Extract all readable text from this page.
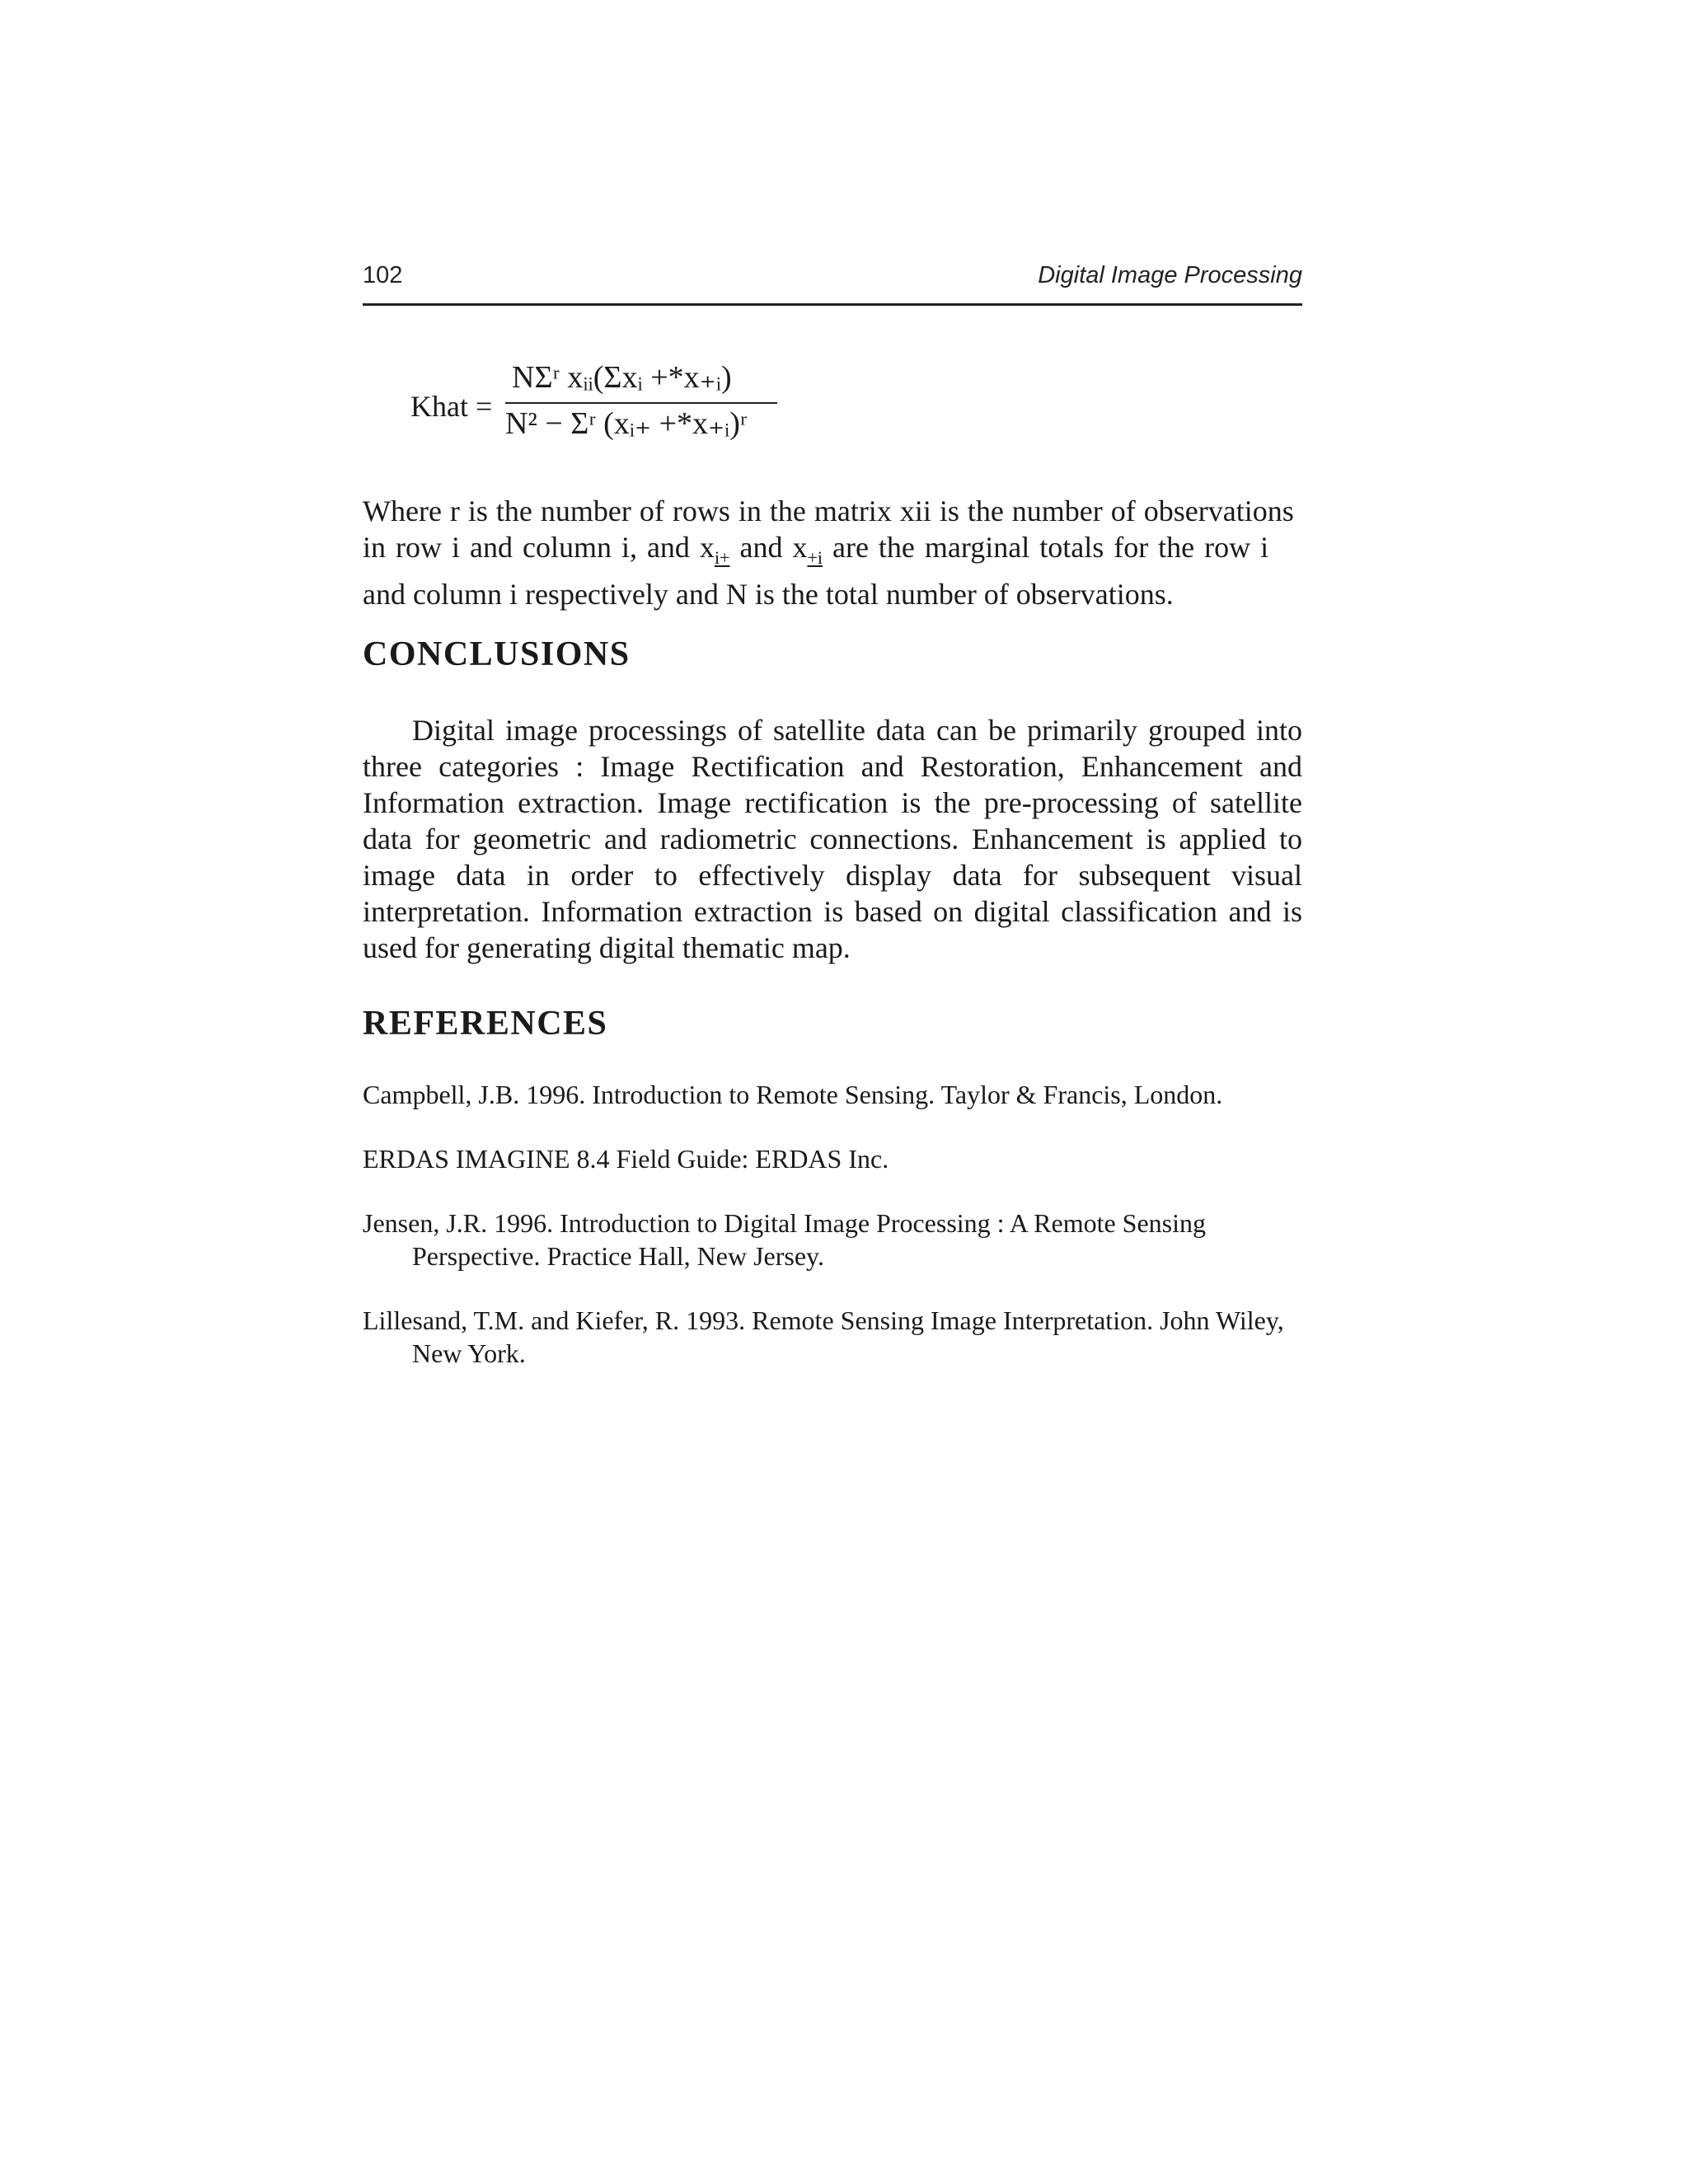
102	Digital Image Processing
Khat =
NΣʳ xᵢᵢ(Σxᵢ +*x₊ᵢ)
N² − Σʳ (xᵢ₊ +*x₊ᵢ)ʳ

Where r is the number of rows in the matrix xii is the number of observations

in row i and column i, and $x_{i+}$ and $x_{+i}$ are the marginal totals for the row i

and column i respectively and N is the total number of observations.

CONCLUSIONS

Digital image processings of satellite data can be primarily grouped into three categories : Image Rectification and Restoration, Enhancement and Information extraction. Image rectification is the pre-processing of satellite data for geometric and radiometric connections. Enhancement is applied to image data in order to effectively display data for subsequent visual interpretation. Information extraction is based on digital classification and is used for generating digital thematic map.

REFERENCES

Campbell, J.B. 1996. Introduction to Remote Sensing. Taylor & Francis, London.

ERDAS IMAGINE 8.4 Field Guide: ERDAS Inc.

Jensen, J.R. 1996. Introduction to Digital Image Processing : A Remote Sensing Perspective. Practice Hall, New Jersey.

Lillesand, T.M. and Kiefer, R. 1993. Remote Sensing Image Interpretation. John Wiley, New York.
